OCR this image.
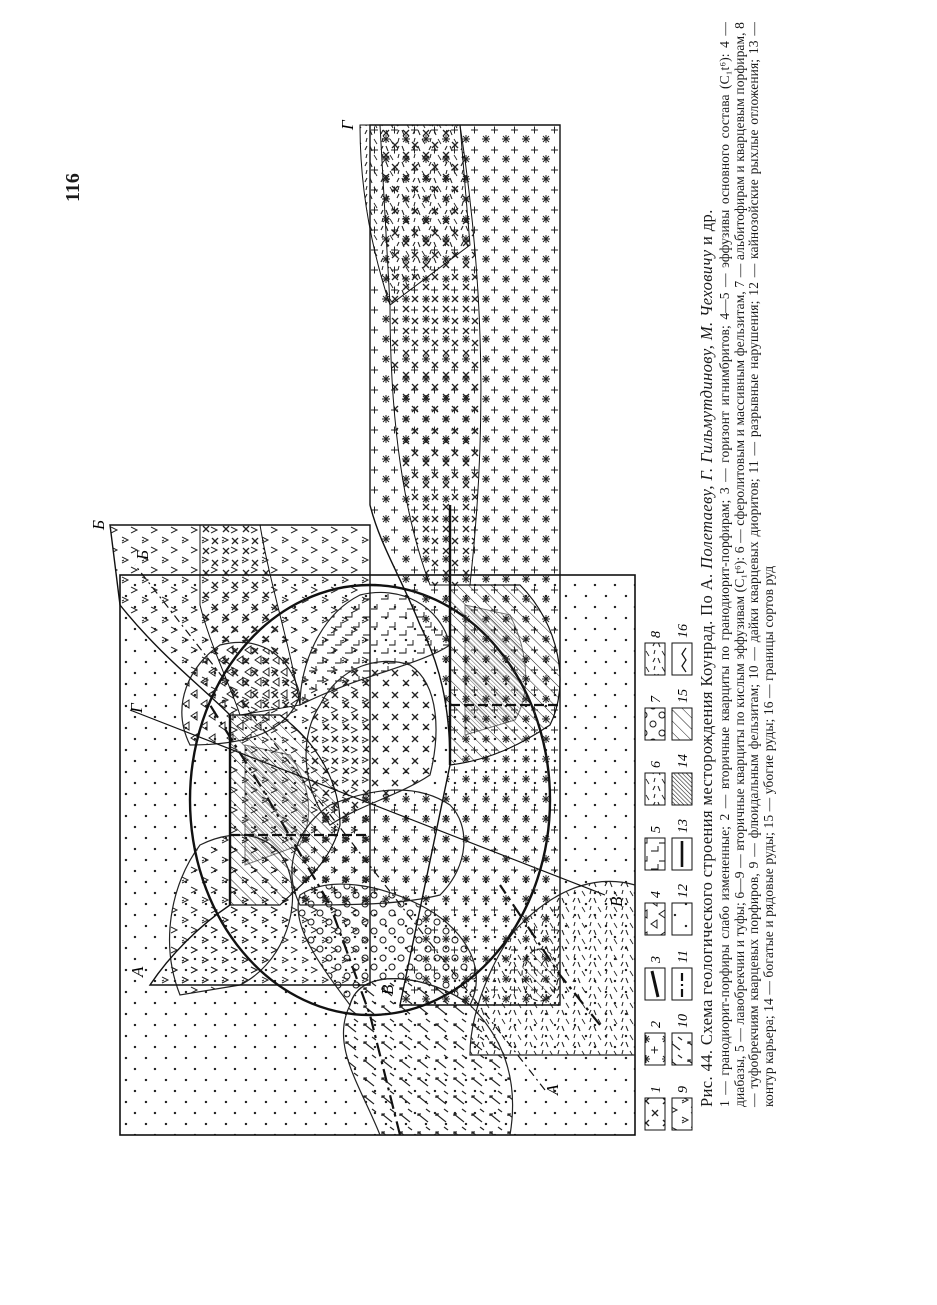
116
А
В
Г
1
2
3
4
5
6
7
8
9
10
11
12
13
14
15
16
А
Б
В
Г
Рис. 44. Схема геологического строения месторождения Коунрад. По А. Полетаеву, Г. Гильмутдинову, М. Чеховичу и др. 1 — гранодиорит-порфиры слабо измененные; 2 — вторичные кварциты по гранодиорит-порфирам; 3 — горизонт игнимбритов; 4—5 — эффузивы основного состава (C₁t⁶): 4 — диабазы, 5 — лавобрекчии и туфы; 6—9 — вторичные кварциты по кислым эффузивам (C₁t⁶): 6 — сферолитовым и массивным фельзитам, 7 — альбитофирам и кварцевым порфирам, 8 — туфобрекчиям кварцевых порфиров, 9 — флюидальным фельзитам; 10 — дайки кварцевых диоритов; 11 — разрывные нарушения; 12 — кайнозойские рыхлые отложения; 13 — контур карьера; 14 — богатые и рядовые руды; 15 — убогие руды; 16 — границы сортов руд
